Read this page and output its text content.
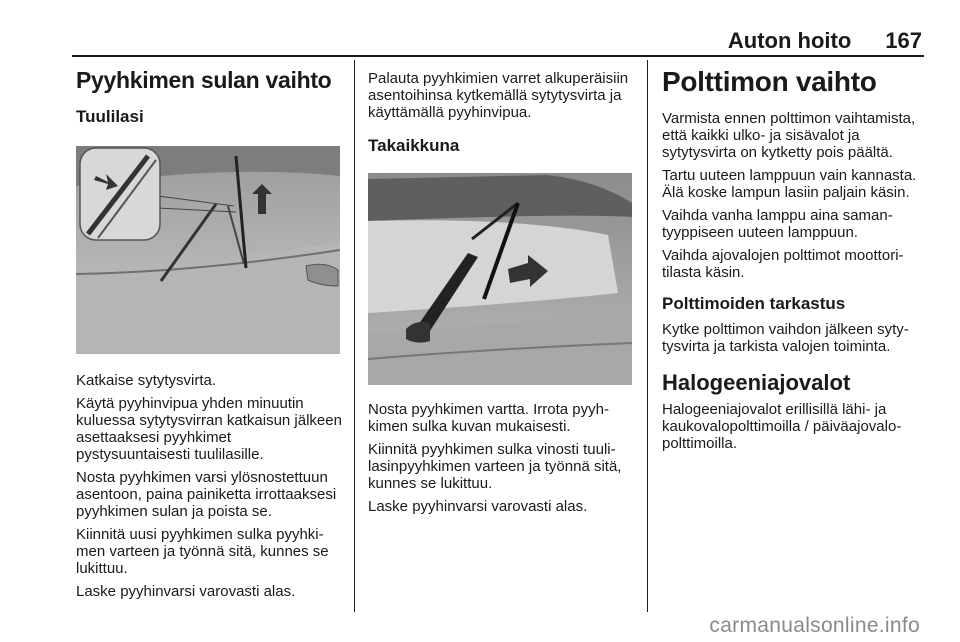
Auton hoito 167
Pyyhkimen sulan vaihto
Tuulilasi

Katkaise sytytysvirta.

Käytä pyyhinvipua yhden minuutin kuluessa sytytysvirran katkaisun jälkeen asettaaksesi pyyhkimet pystysuuntaisesti tuulilasille.

Nosta pyyhkimen varsi ylösnostettuun asentoon, paina painiketta irrottaaksesi pyyhkimen sulan ja poista se.

Kiinnitä uusi pyyhkimen sulka pyyhkimen varteen ja työnnä sitä, kunnes se lukittuu.

Laske pyyhinvarsi varovasti alas.

Palauta pyyhkimien varret alkuperäisiin asentoihinsa kytkemällä sytytysvirta ja käyttämällä pyyhinvipua.

Takaikkuna

Nosta pyyhkimen vartta. Irrota pyyhkimen sulka kuvan mukaisesti.

Kiinnitä pyyhkimen sulka vinosti tuulilasinpyyhkimen varteen ja työnnä sitä, kunnes se lukittuu.

Laske pyyhinvarsi varovasti alas.

Polttimon vaihto

Varmista ennen polttimon vaihtamista, että kaikki ulko- ja sisävalot ja sytytysvirta on kytketty pois päältä.

Tartu uuteen lamppuun vain kannasta. Älä koske lampun lasiin paljain käsin.

Vaihda vanha lamppu aina samantyyppiseen uuteen lamppuun.

Vaihda ajovalojen polttimot moottoritilasta käsin.

Polttimoiden tarkastus

Kytke polttimon vaihdon jälkeen sytytysvirta ja tarkista valojen toiminta.

Halogeeniajovalot

Halogeeniajovalot erillisillä lähi- ja kaukovalopolttimoilla / päiväajovalopolttimoilla.

carmanualsonline.info
